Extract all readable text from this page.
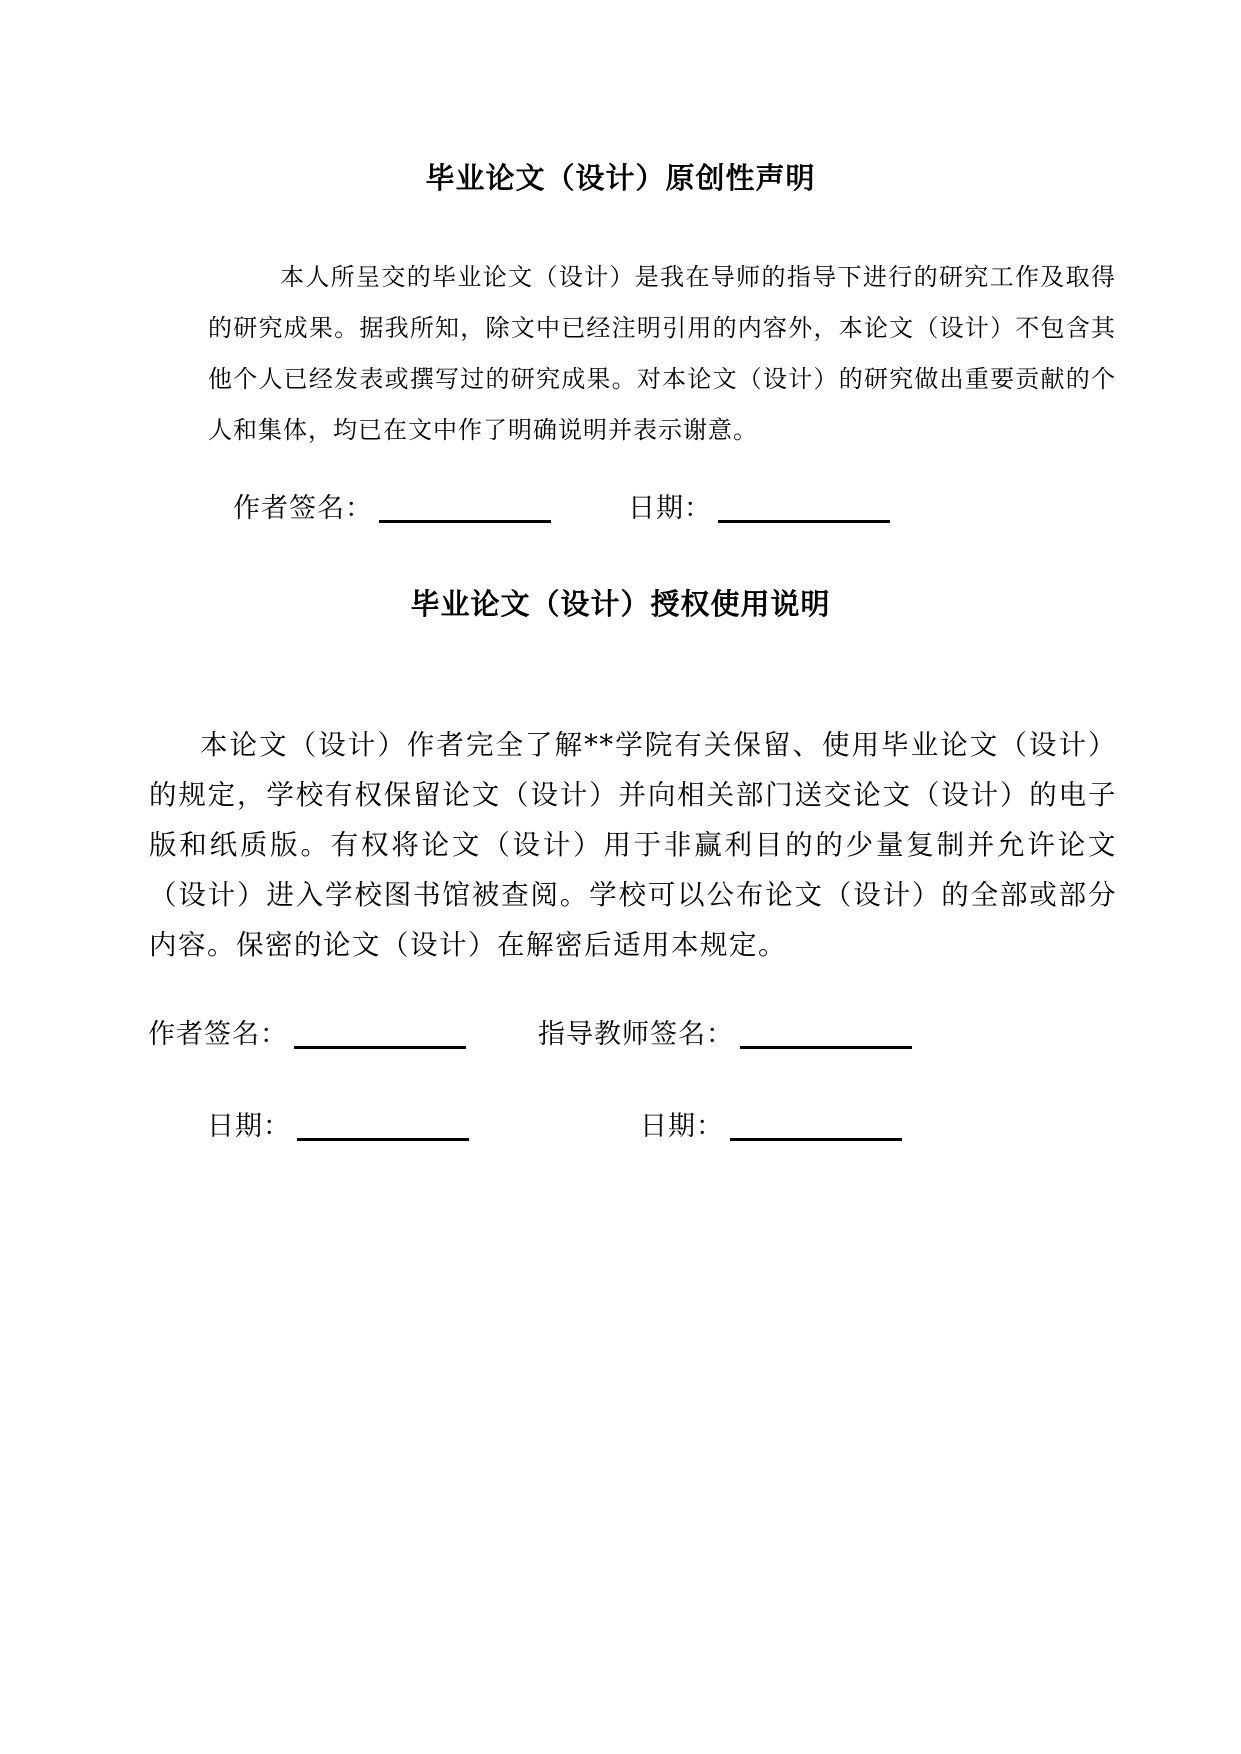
毕业论文（设计）原创性声明

本人所呈交的毕业论文（设计）是我在导师的指导下进行的研究工作及取得的研究成果。据我所知，除文中已经注明引用的内容外，本论文（设计）不包含其他个人已经发表或撰写过的研究成果。对本论文（设计）的研究做出重要贡献的个人和集体，均已在文中作了明确说明并表示谢意。

作者签名：	日期：
毕业论文（设计）授权使用说明

本论文（设计）作者完全了解**学院有关保留、使用毕业论文（设计）的规定，学校有权保留论文（设计）并向相关部门送交论文（设计）的电子版和纸质版。有权将论文（设计）用于非赢利目的的少量复制并允许论文（设计）进入学校图书馆被查阅。学校可以公布论文（设计）的全部或部分内容。保密的论文（设计）在解密后适用本规定。

作者签名：	指导教师签名：
日期：	日期：
